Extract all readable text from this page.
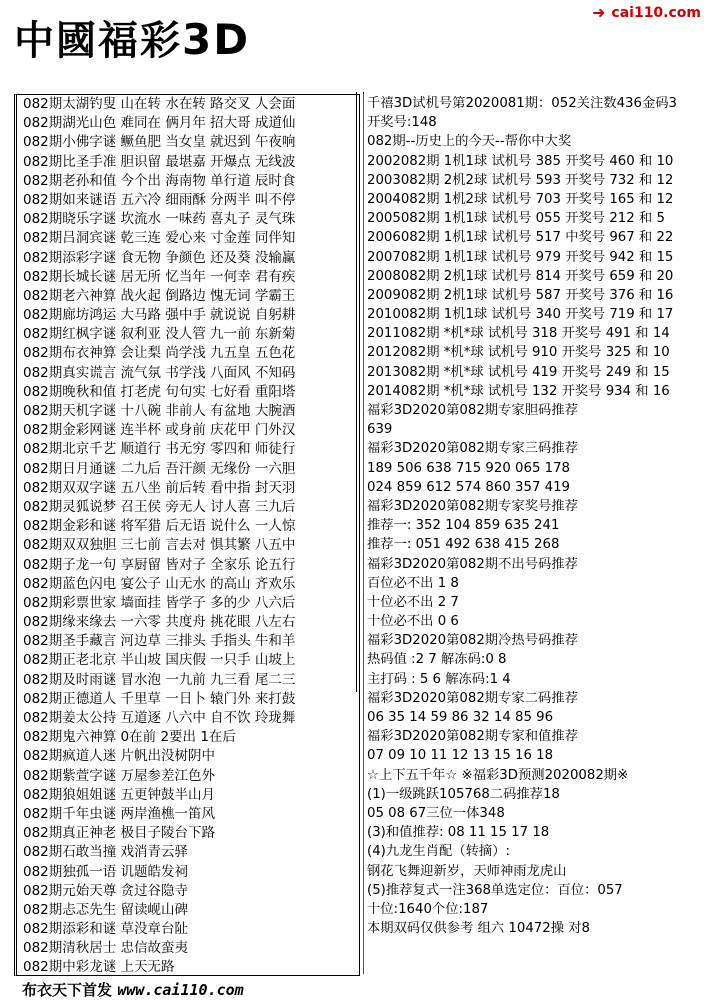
中國福彩3D
➜ cai110.com
082期太湖钓叟 山在转 水在转 路交叉 人会面
082期湖光山色 难同在 俩月年 招大哥 成道仙
082期小佛字谜 鳜鱼肥 当女皇 就迟到 午夜响
082期比圣手准 胆识留 最堪嘉 开爆点 无线波
082期老孙和值 今个出 海南物 单行道 辰时食
082期如来谜语 五六冷 细雨酥 分两半 叫不停
082期晓乐字谜 坎流水 一味药 喜丸子 灵气珠
082期吕洞宾谜 乾三连 爱心来 寸金莲 同伴知
082期添彩字谜 食无物 争颜色 还及葵 没输赢
082期长城长谜 居无所 忆当年 一何幸 君有疾
082期老六神算 战火起 倒路边 愧无词 学霸王
082期廊坊鸿运 大马路 强中手 就说说 自躬耕
082期红枫字谜 叙利亚 没人管 九一前 东新菊
082期布衣神算 会让梨 尚学浅 九五皇 五色花
082期真实谎言 流气氛 书学浅 八面风 不知码
082期晚秋和值 打老虎 句句实 七好看 重阳塔
082期天机字谜 十八碗 非前人 有盆地 大腕酒
082期金彩网谜 连半杯 或身前 庆花甲 门外汉
082期北京千艺 顺道行 书无穷 零四和 师徒行
082期日月通谜 二九后 吾汗颜 无缘份 一六胆
082期双双字谜 五八坐 前后转 看中指 封天羽
082期灵狐说梦 召王侯 旁无人 讨人喜 三九后
082期金彩和谜 将军猎 后无语 说什么 一人惊
082期双双独胆 三七前 言去对 惧其繁 八五中
082期子龙一句 享厨留 皆对子 全家乐 论五行
082期蓝色闪电 宴公子 山无水 的高山 齐欢乐
082期彩票世家 墙面挂 皆学子 多的少 八六后
082期缘来缘去 一六零 共度舟 挑花眼 八左右
082期圣手藏言 河边草 三排头 手指头 牛和羊
082期正老北京 半山坡 国庆假 一只手 山坡上
082期及时雨谜 冒水泡 一九前 九三看 尾二三
082期正德道人 千里草 一日卜 辕门外 来打鼓
082期姜太公持 互道逐 八六中 自不饮 玲珑舞
082期鬼六神算 0在前 2要出 1在后
082期疯道人迷 片帆出没树阴中
082期紫萱字谜 万屋参差江色外
082期狼姐姐谜 五更钟鼓半山月
082期千年虫谜 两岸渔樵一笛风
082期真正神老 极目子陵台下路
082期石敢当撞 戏消青云驿
082期独孤一语 讥题皓发祠
082期元始天尊 贪过谷隐寺
082期忐忑先生 留读岘山碑
082期添彩和谜 草没章台阯
082期清秋居士 忠信故蛮夷
082期中彩龙谜 上天无路
千禧3D试机号第2020081期：052关注数436金码3
开奖号:148
082期--历史上的今天--帮你中大奖
2002082期 1机1球 试机号 385 开奖号 460 和 10
2003082期 2机2球 试机号 593 开奖号 732 和 12
2004082期 1机2球 试机号 703 开奖号 165 和 12
2005082期 1机1球 试机号 055 开奖号 212 和 5
2006082期 1机1球 试机号 517 中奖号 967 和 22
2007082期 1机1球 试机号 979 开奖号 942 和 15
2008082期 2机1球 试机号 814 开奖号 659 和 20
2009082期 2机1球 试机号 587 开奖号 376 和 16
2010082期 1机1球 试机号 340 开奖号 719 和 17
2011082期 *机*球 试机号 318 开奖号 491 和 14
2012082期 *机*球 试机号 910 开奖号 325 和 10
2013082期 *机*球 试机号 419 开奖号 249 和 15
2014082期 *机*球 试机号 132 开奖号 934 和 16
福彩3D2020第082期专家胆码推荐
639
福彩3D2020第082期专家三码推荐
189 506 638 715 920 065 178
024 859 612 574 860 357 419
福彩3D2020第082期专家奖号推荐
推荐一: 352 104 859 635 241
推荐一: 051 492 638 415 268
福彩3D2020第082期不出号码推荐
百位必不出 1 8
十位必不出 2 7
十位必不出 0 6
福彩3D2020第082期冷热号码推荐
热码值 :2 7 解冻码:0 8
主打码 : 5 6 解冻码:1 4
福彩3D2020第082期专家二码推荐
06 35 14 59 86 32 14 85 96
福彩3D2020第082期专家和值推荐
07 09 10 11 12 13 15 16 18
☆上下五千年☆ ※福彩3D预测2020082期※
(1)一级跳跃105768二码推荐18
05 08 67三位一体348
(3)和值推荐: 08 11 15 17 18
(4)九龙生肖配（转摘）:
钢花飞舞迎新岁，天师神雨龙虎山
(5)推荐复式一注368单选定位：百位：057
十位:1640个位:187
本期双码仅供参考 组六 10472操 对8
布衣天下首发 www.cai110.com
